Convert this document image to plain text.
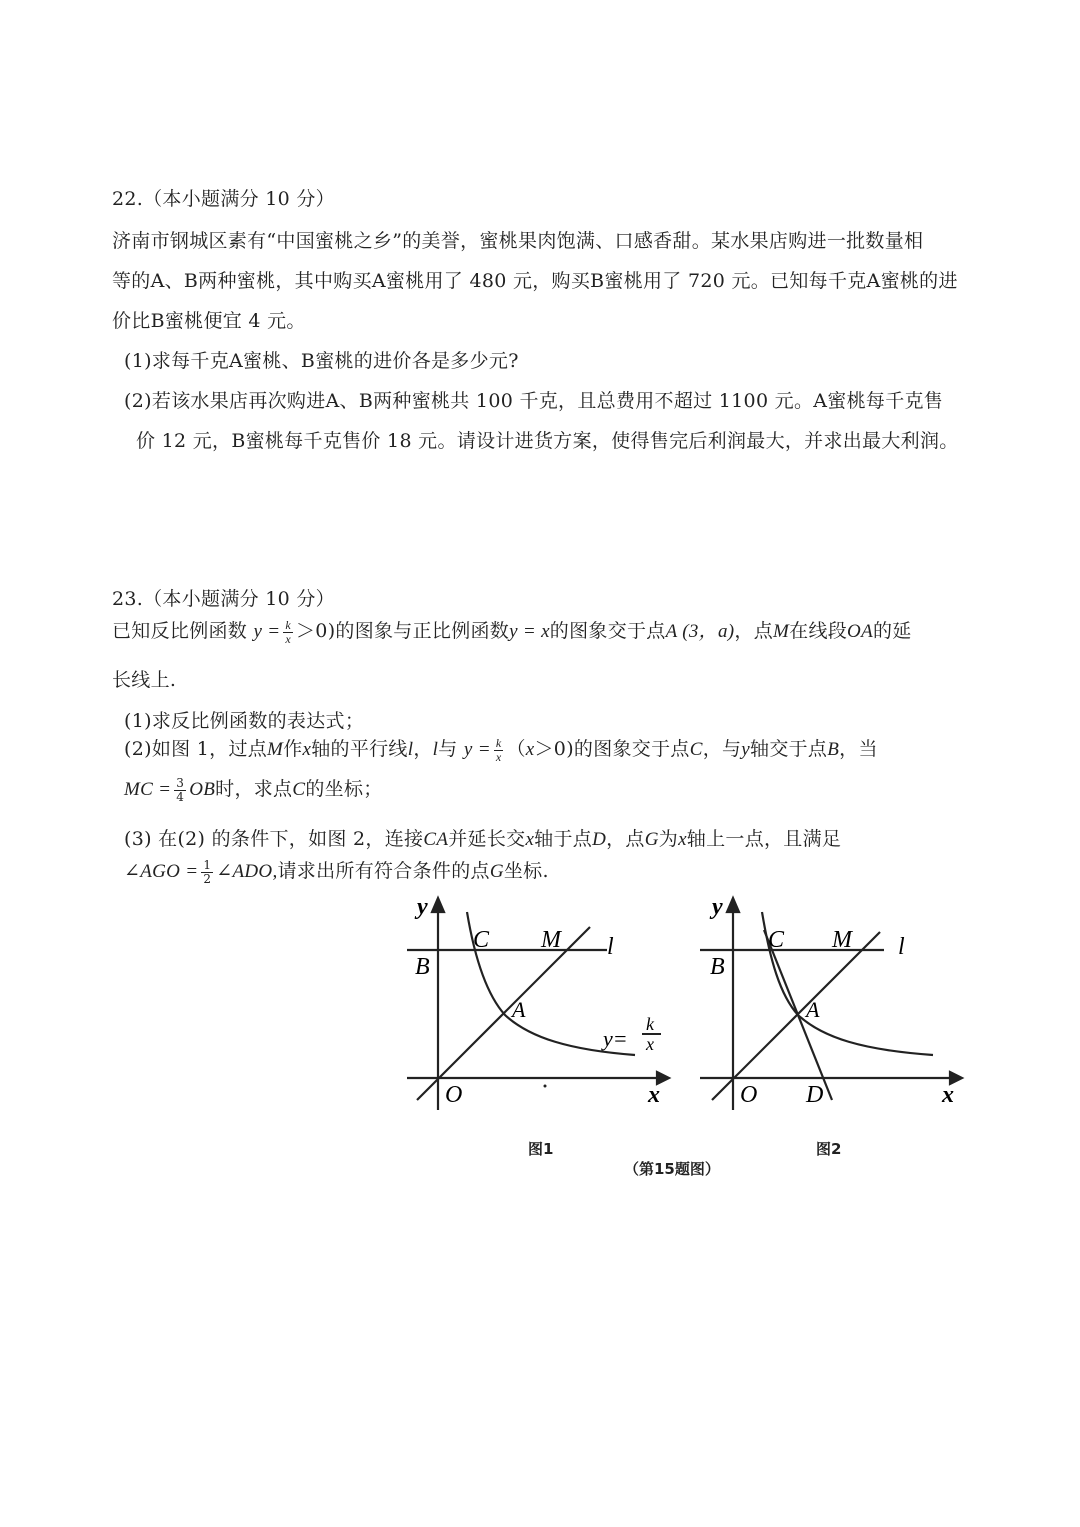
22.（本小题满分 10 分）
济南市钢城区素有“中国蜜桃之乡”的美誉，蜜桃果肉饱满、口感香甜。某水果店购进一批数量相
等的A、B两种蜜桃，其中购买A蜜桃用了 480 元，购买B蜜桃用了 720 元。已知每千克A蜜桃的进
价比B蜜桃便宜 4 元。
(1)求每千克A蜜桃、B蜜桃的进价各是多少元?
(2)若该水果店再次购进A、B两种蜜桃共 100 千克，且总费用不超过 1100 元。A蜜桃每千克售
价 12 元，B蜜桃每千克售价 18 元。请设计进货方案，使得售完后利润最大，并求出最大利润。
23.（本小题满分 10 分）
已知反比例函数 $y = \frac{k}{x} >0$)的图象与正比例函数y = x的图象交于点A (3，a)，点M在线段OA的延
长线上.
(1)求反比例函数的表达式；
(2)如图 1，过点M作x轴的平行线l，l与 $y = \frac{k}{x} (x>0)$的图象交于点C，与y轴交于点B，当
MC = $\frac{3}{4}$ OB时，求点C的坐标；
(3) 在(2) 的条件下，如图 2，连接CA并延长交x轴于点D，点G为x轴上一点，且满足
∠AGO = $\frac{1}{2}$ ∠ADO,请求出所有符合条件的点G坐标.
y
C M l
B
A
y=
k
x
O	x
图1
y
C M l
B
A
O D	x
图2
（第15题图）
